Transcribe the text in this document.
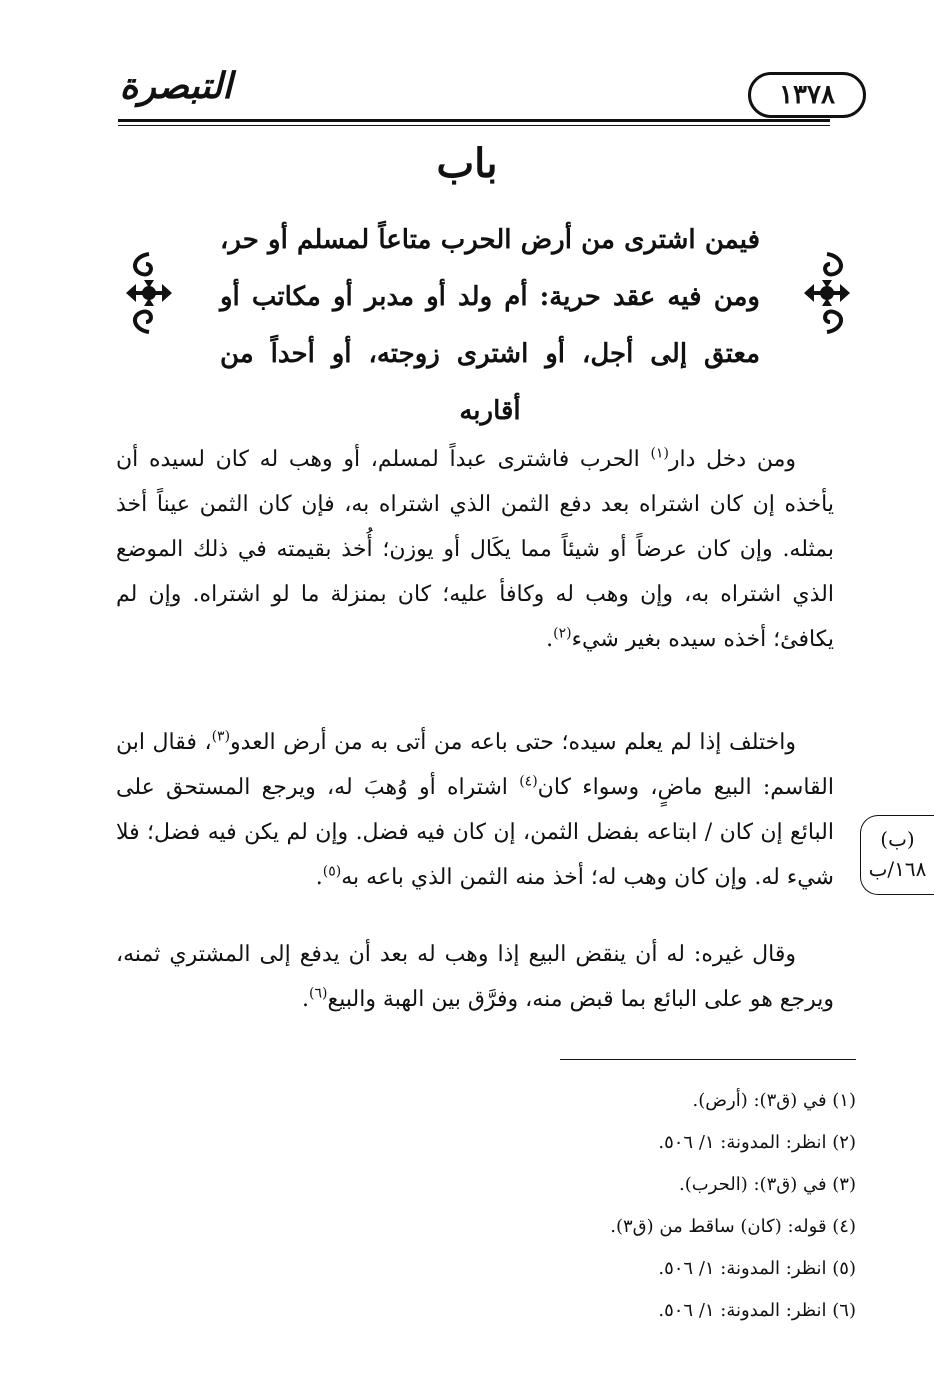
التبصرة	١٣٧٨
باب
فيمن اشترى من أرض الحرب متاعاً لمسلم أو حر، ومن فيه عقد حرية: أم ولد أو مدبر أو مكاتب أو معتق إلى أجل، أو اشترى زوجته، أو أحداً من أقاربه

ومن دخل دار$^{(١)}$ الحرب فاشترى عبداً لمسلم، أو وهب له كان لسيده أن يأخذه إن كان اشتراه بعد دفع الثمن الذي اشتراه به، فإن كان الثمن عيناً أخذ بمثله. وإن كان عرضاً أو شيئاً مما يكَال أو يوزن؛ أُخذ بقيمته في ذلك الموضع الذي اشتراه به، وإن وهب له وكافأ عليه؛ كان بمنزلة ما لو اشتراه. وإن لم يكافئ؛ أخذه سيده بغير شيء$^{(٢)}$.

واختلف إذا لم يعلم سيده؛ حتى باعه من أتى به من أرض العدو$^{(٣)}$، فقال ابن القاسم: البيع ماضٍ، وسواء كان$^{(٤)}$ اشتراه أو وُهبَ له، ويرجع المستحق على البائع إن كان / ابتاعه بفضل الثمن، إن كان فيه فضل. وإن لم يكن فيه فضل؛ فلا شيء له. وإن كان وهب له؛ أخذ منه الثمن الذي باعه به$^{(٥)}$.

وقال غيره: له أن ينقض البيع إذا وهب له بعد أن يدفع إلى المشتري ثمنه، ويرجع هو على البائع بما قبض منه، وفرَّق بين الهبة والبيع$^{(٦)}$.

(ب)
١٦٨/ب
(١) في (ق٣): (أرض).
(٢) انظر: المدونة: ١/ ٥٠٦.
(٣) في (ق٣): (الحرب).
(٤) قوله: (كان) ساقط من (ق٣).
(٥) انظر: المدونة: ١/ ٥٠٦.
(٦) انظر: المدونة: ١/ ٥٠٦.
